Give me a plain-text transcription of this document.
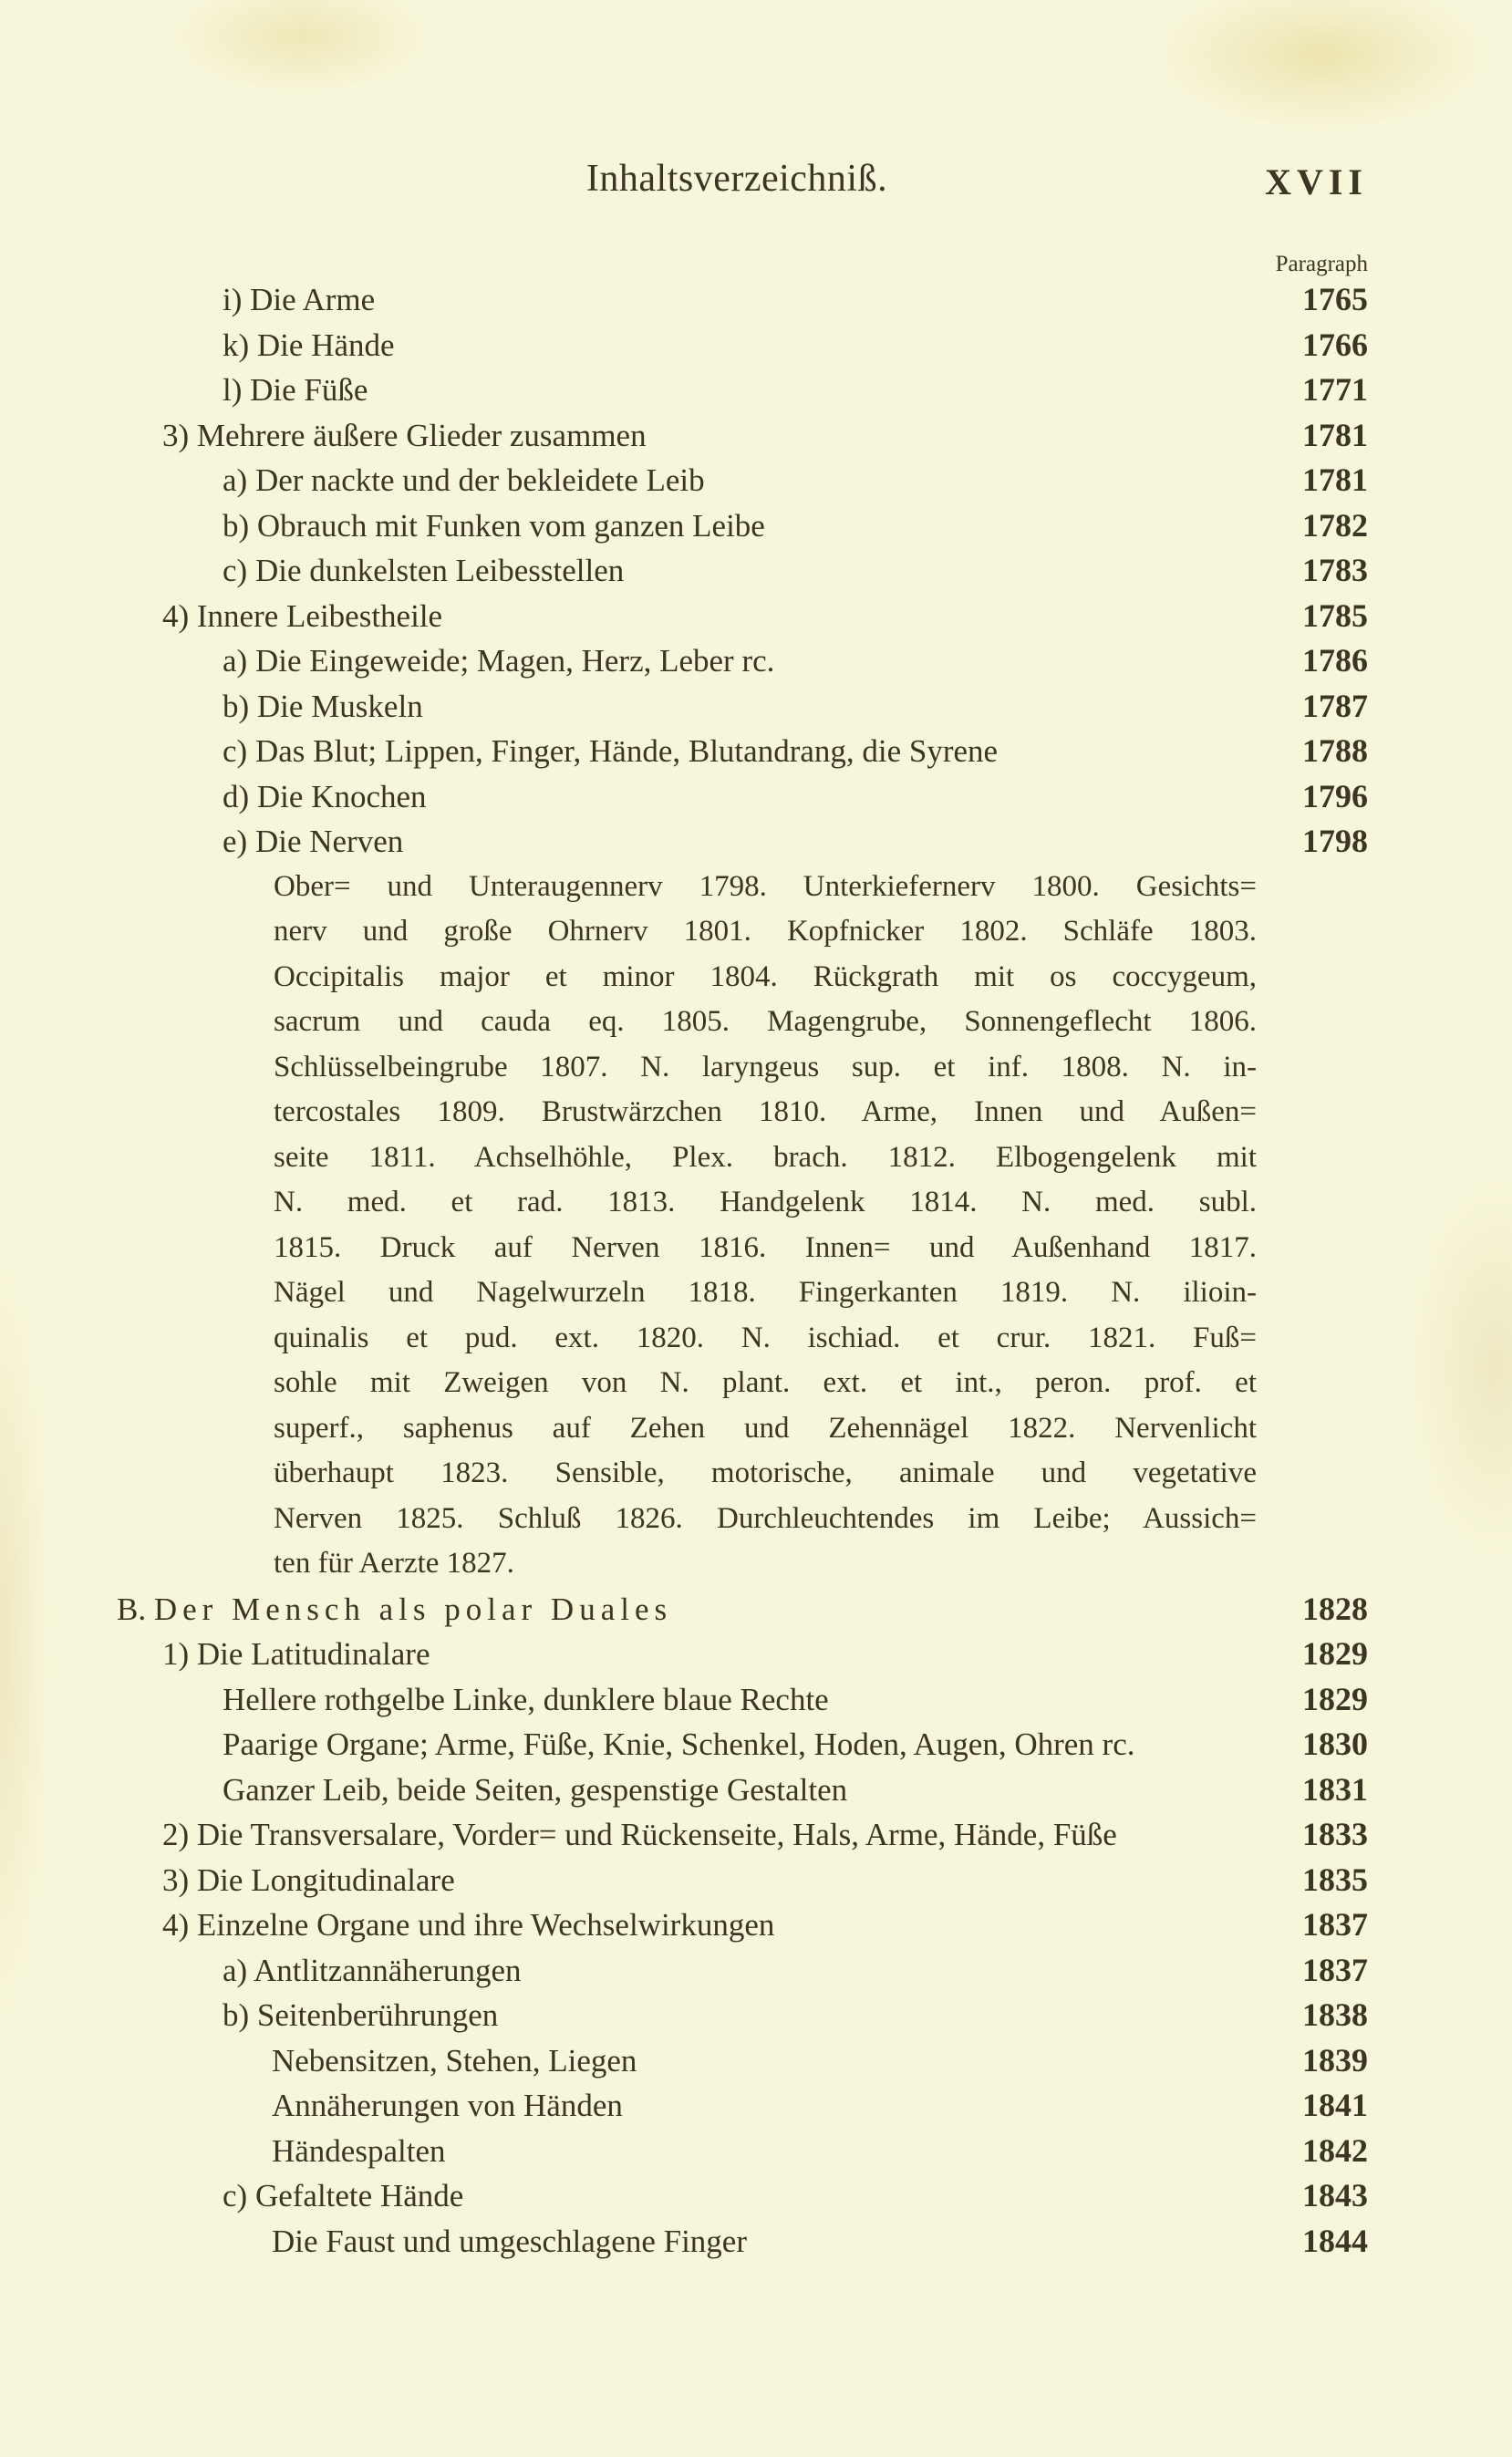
Inhaltsverzeichniß.	XVII
Paragraph
i) Die Arme	1765
k) Die Hände	1766
l) Die Füße	1771
3) Mehrere äußere Glieder zusammen	1781
a) Der nackte und der bekleidete Leib	1781
b) Obrauch mit Funken vom ganzen Leibe	1782
c) Die dunkelsten Leibesstellen	1783
4) Innere Leibestheile	1785
a) Die Eingeweide; Magen, Herz, Leber rc.	1786
b) Die Muskeln	1787
c) Das Blut; Lippen, Finger, Hände, Blutandrang, die Syrene	1788
d) Die Knochen	1796
e) Die Nerven	1798
Ober= und Unteraugennerv 1798. Unterkiefernerv 1800. Gesichts=
nerv und große Ohrnerv 1801. Kopfnicker 1802. Schläfe 1803.
Occipitalis major et minor 1804. Rückgrath mit os coccygeum,
sacrum und cauda eq. 1805. Magengrube, Sonnengeflecht 1806.
Schlüsselbeingrube 1807. N. laryngeus sup. et inf. 1808. N. in-
tercostales 1809. Brustwärzchen 1810. Arme, Innen und Außen=
seite 1811. Achselhöhle, Plex. brach. 1812. Elbogengelenk mit
N. med. et rad. 1813. Handgelenk 1814. N. med. subl.
1815. Druck auf Nerven 1816. Innen= und Außenhand 1817.
Nägel und Nagelwurzeln 1818. Fingerkanten 1819. N. ilioin-
quinalis et pud. ext. 1820. N. ischiad. et crur. 1821. Fuß=
sohle mit Zweigen von N. plant. ext. et int., peron. prof. et
superf., saphenus auf Zehen und Zehennägel 1822. Nervenlicht
überhaupt 1823. Sensible, motorische, animale und vegetative
Nerven 1825. Schluß 1826. Durchleuchtendes im Leibe; Aussich=
ten für Aerzte 1827.
B. Der Mensch als polar Duales	1828
1) Die Latitudinalare	1829
Hellere rothgelbe Linke, dunklere blaue Rechte	1829
Paarige Organe; Arme, Füße, Knie, Schenkel, Hoden, Augen, Ohren rc.	1830
Ganzer Leib, beide Seiten, gespenstige Gestalten	1831
2) Die Transversalare, Vorder= und Rückenseite, Hals, Arme, Hände, Füße	1833
3) Die Longitudinalare	1835
4) Einzelne Organe und ihre Wechselwirkungen	1837
a) Antlitzannäherungen	1837
b) Seitenberührungen	1838
Nebensitzen, Stehen, Liegen	1839
Annäherungen von Händen	1841
Händespalten	1842
c) Gefaltete Hände	1843
Die Faust und umgeschlagene Finger	1844
